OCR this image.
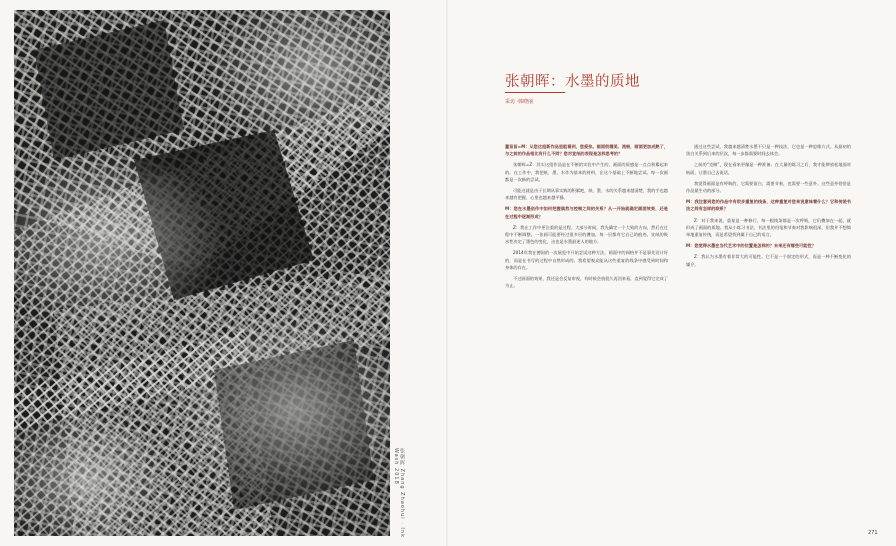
张朝晖 Zhang Zhaohui · Ink Wash 2018
张朝晖：水墨的质地
采访 ·韩晓丽

董苗苗=M：从您这组新作品里能看到，您爱张。画面很精美、流畅，画面更加成熟了，与之前的作品相比有什么不同？您对宣纸的表现是怎样思考的？

张朝晖=Z：其实这组作品是在不断的实验中产生的，画面的质感是一点点积累起来的。在工作中，我把纸、墨、水作为基本的材料，在这个基础上不断地尝试。每一次画都是一次新的尝试。

可能这就是由于长期从事实践的积累吧，纸、墨、水的关系越来越清楚，我的手也越来越有把握，心里也越来越平静。

M：您在水墨创作中如何把握偶然与控制之间的关系？从一开始就确定画面效果，还是在过程中逐渐形成？

Z：我在工作中更注重的是过程。大部分时候，我先确定一个大致的方向，然后在过程中不断调整。一张画可能要经过很多层的叠加，每一层都有它自己的痕迹。宣纸的吸水性决定了墨色的变化，这也是水墨最迷人的地方。

2014年我在德国的一次展览中开始尝试这种方法，画面中的网格并不是事先设计好的，而是在书写的过程中自然形成的。我希望观众能从这些重复的线条中感受到时间和身体的存在。

不过画面的效果，我还是会反复审视，有时候会放很久再回来看，直到觉得它完成了为止。

通过这些尝试，我越来越清楚水墨不只是一种技法，它也是一种思维方式。从最初的黑白关系到后来的层次，每一步都需要时间去体会。

之前的“克制”，现在看来更像是一种准备。在大量的练习之后，我才能够放松地面对纸面，让墨自己去说话。

我觉得画面是有呼吸的，它需要留白，需要节奏，也需要一些意外。这些意外恰恰是作品最生动的部分。

M：我注意到您的作品中有很多重复的线条，这种重复对您来说意味着什么？它和传统书法之间有怎样的联系？

Z：对于我来说，重复是一种修行。每一根线条都是一次呼吸，它们叠加在一起，就形成了画面的质地。我从小练习书法，书法里的用笔和节奏对我影响很深，但我并不想简单地重复传统，而是希望找到属于自己的语言。

M：您觉得水墨在当代艺术中的位置是怎样的？未来还有哪些可能性？

Z：我认为水墨有着非常大的可能性。它不是一个固定的形式，而是一种不断变化的媒介。

271
